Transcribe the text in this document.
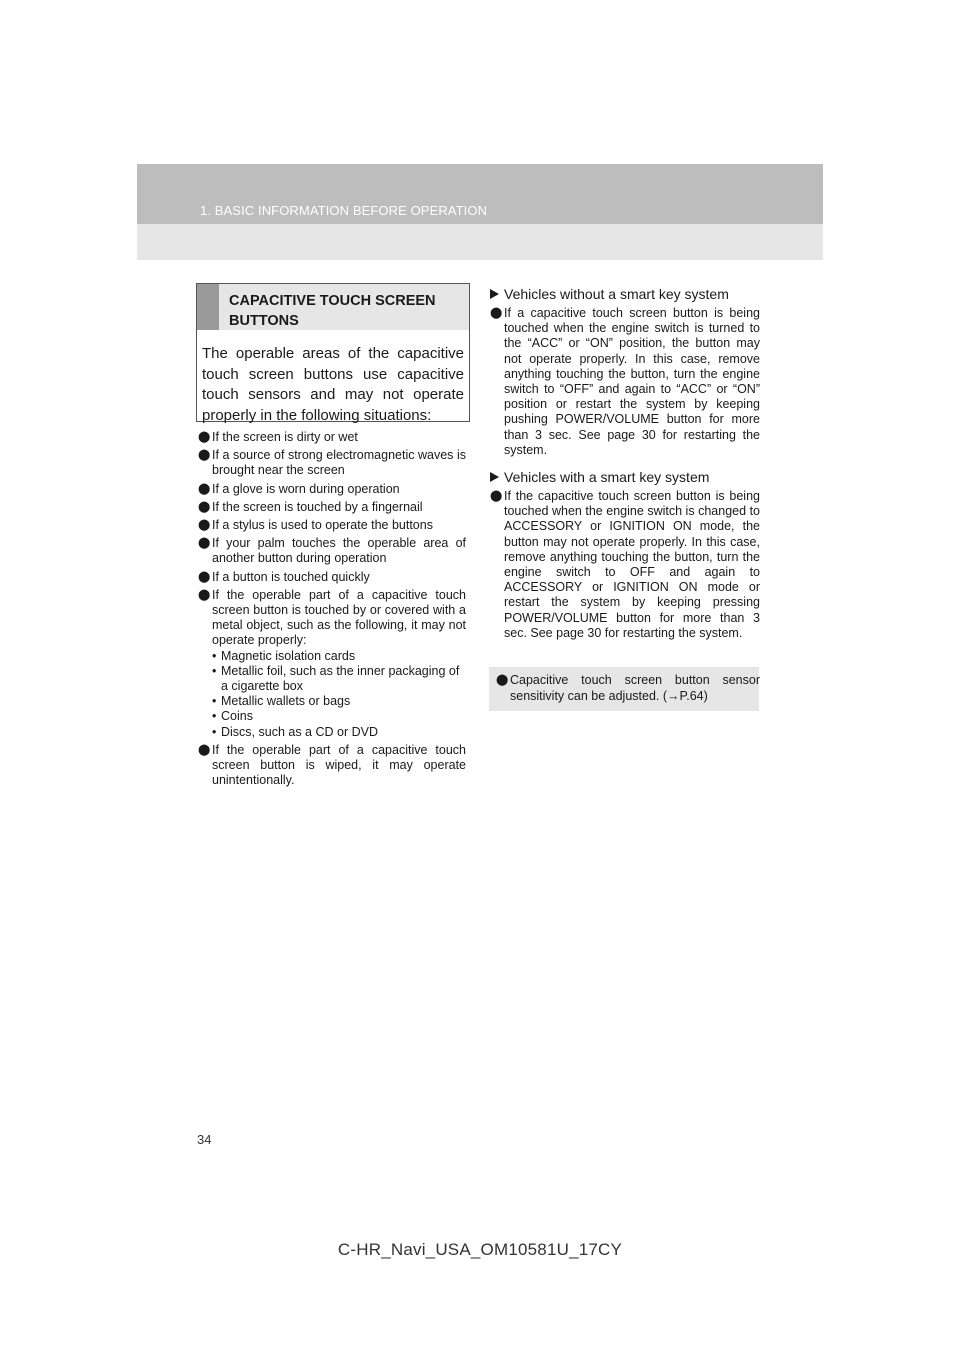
1. BASIC INFORMATION BEFORE OPERATION
CAPACITIVE TOUCH SCREEN BUTTONS
The operable areas of the capacitive touch screen buttons use capacitive touch sensors and may not operate properly in the following situations:
⬤ If the screen is dirty or wet
⬤ If a source of strong electromagnetic waves is brought near the screen
⬤ If a glove is worn during operation
⬤ If the screen is touched by a fingernail
⬤ If a stylus is used to operate the buttons
⬤ If your palm touches the operable area of another button during operation
⬤ If a button is touched quickly
⬤ If the operable part of a capacitive touch screen button is touched by or covered with a metal object, such as the following, it may not operate properly:
• Magnetic isolation cards
• Metallic foil, such as the inner packaging of a cigarette box
• Metallic wallets or bags
• Coins
• Discs, such as a CD or DVD
⬤ If the operable part of a capacitive touch screen button is wiped, it may operate unintentionally.
Vehicles without a smart key system
⬤ If a capacitive touch screen button is being touched when the engine switch is turned to the “ACC” or “ON” position, the button may not operate properly. In this case, remove anything touching the button, turn the engine switch to “OFF” and again to “ACC” or “ON” position or restart the system by keeping pushing POWER/VOLUME button for more than 3 sec. See page 30 for restarting the system.
Vehicles with a smart key system
⬤ If the capacitive touch screen button is being touched when the engine switch is changed to ACCESSORY or IGNITION ON mode, the button may not operate properly. In this case, remove anything touching the button, turn the engine switch to OFF and again to ACCESSORY or IGNITION ON mode or restart the system by keeping pressing POWER/VOLUME button for more than 3 sec. See page 30 for restarting the system.
⬤ Capacitive touch screen button sensor sensitivity can be adjusted. (→P.64)
34
C-HR_Navi_USA_OM10581U_17CY
